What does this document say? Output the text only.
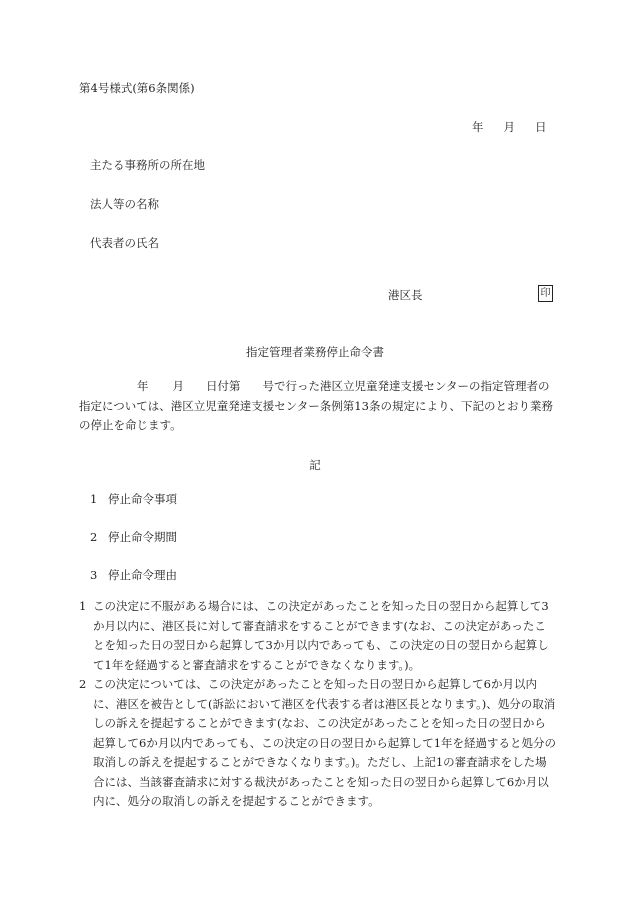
第4号様式(第6条関係)
年 月 日
主たる事務所の所在地
法人等の名称
代表者の氏名
港区長	印
指定管理者業務停止命令書
年 月 日付第 号で行った港区立児童発達支援センターの指定管理者の指定については、港区立児童発達支援センター条例第13条の規定により、下記のとおり業務の停止を命じます。
記
1 停止命令事項
2 停止命令期間
3 停止命令理由
1 この決定に不服がある場合には、この決定があったことを知った日の翌日から起算して3か月以内に、港区長に対して審査請求をすることができます(なお、この決定があったことを知った日の翌日から起算して3か月以内であっても、この決定の日の翌日から起算して1年を経過すると審査請求をすることができなくなります。)。
2 この決定については、この決定があったことを知った日の翌日から起算して6か月以内に、港区を被告として(訴訟において港区を代表する者は港区長となります。)、処分の取消しの訴えを提起することができます(なお、この決定があったことを知った日の翌日から起算して6か月以内であっても、この決定の日の翌日から起算して1年を経過すると処分の取消しの訴えを提起することができなくなります。)。ただし、上記1の審査請求をした場合には、当該審査請求に対する裁決があったことを知った日の翌日から起算して6か月以内に、処分の取消しの訴えを提起することができます。
